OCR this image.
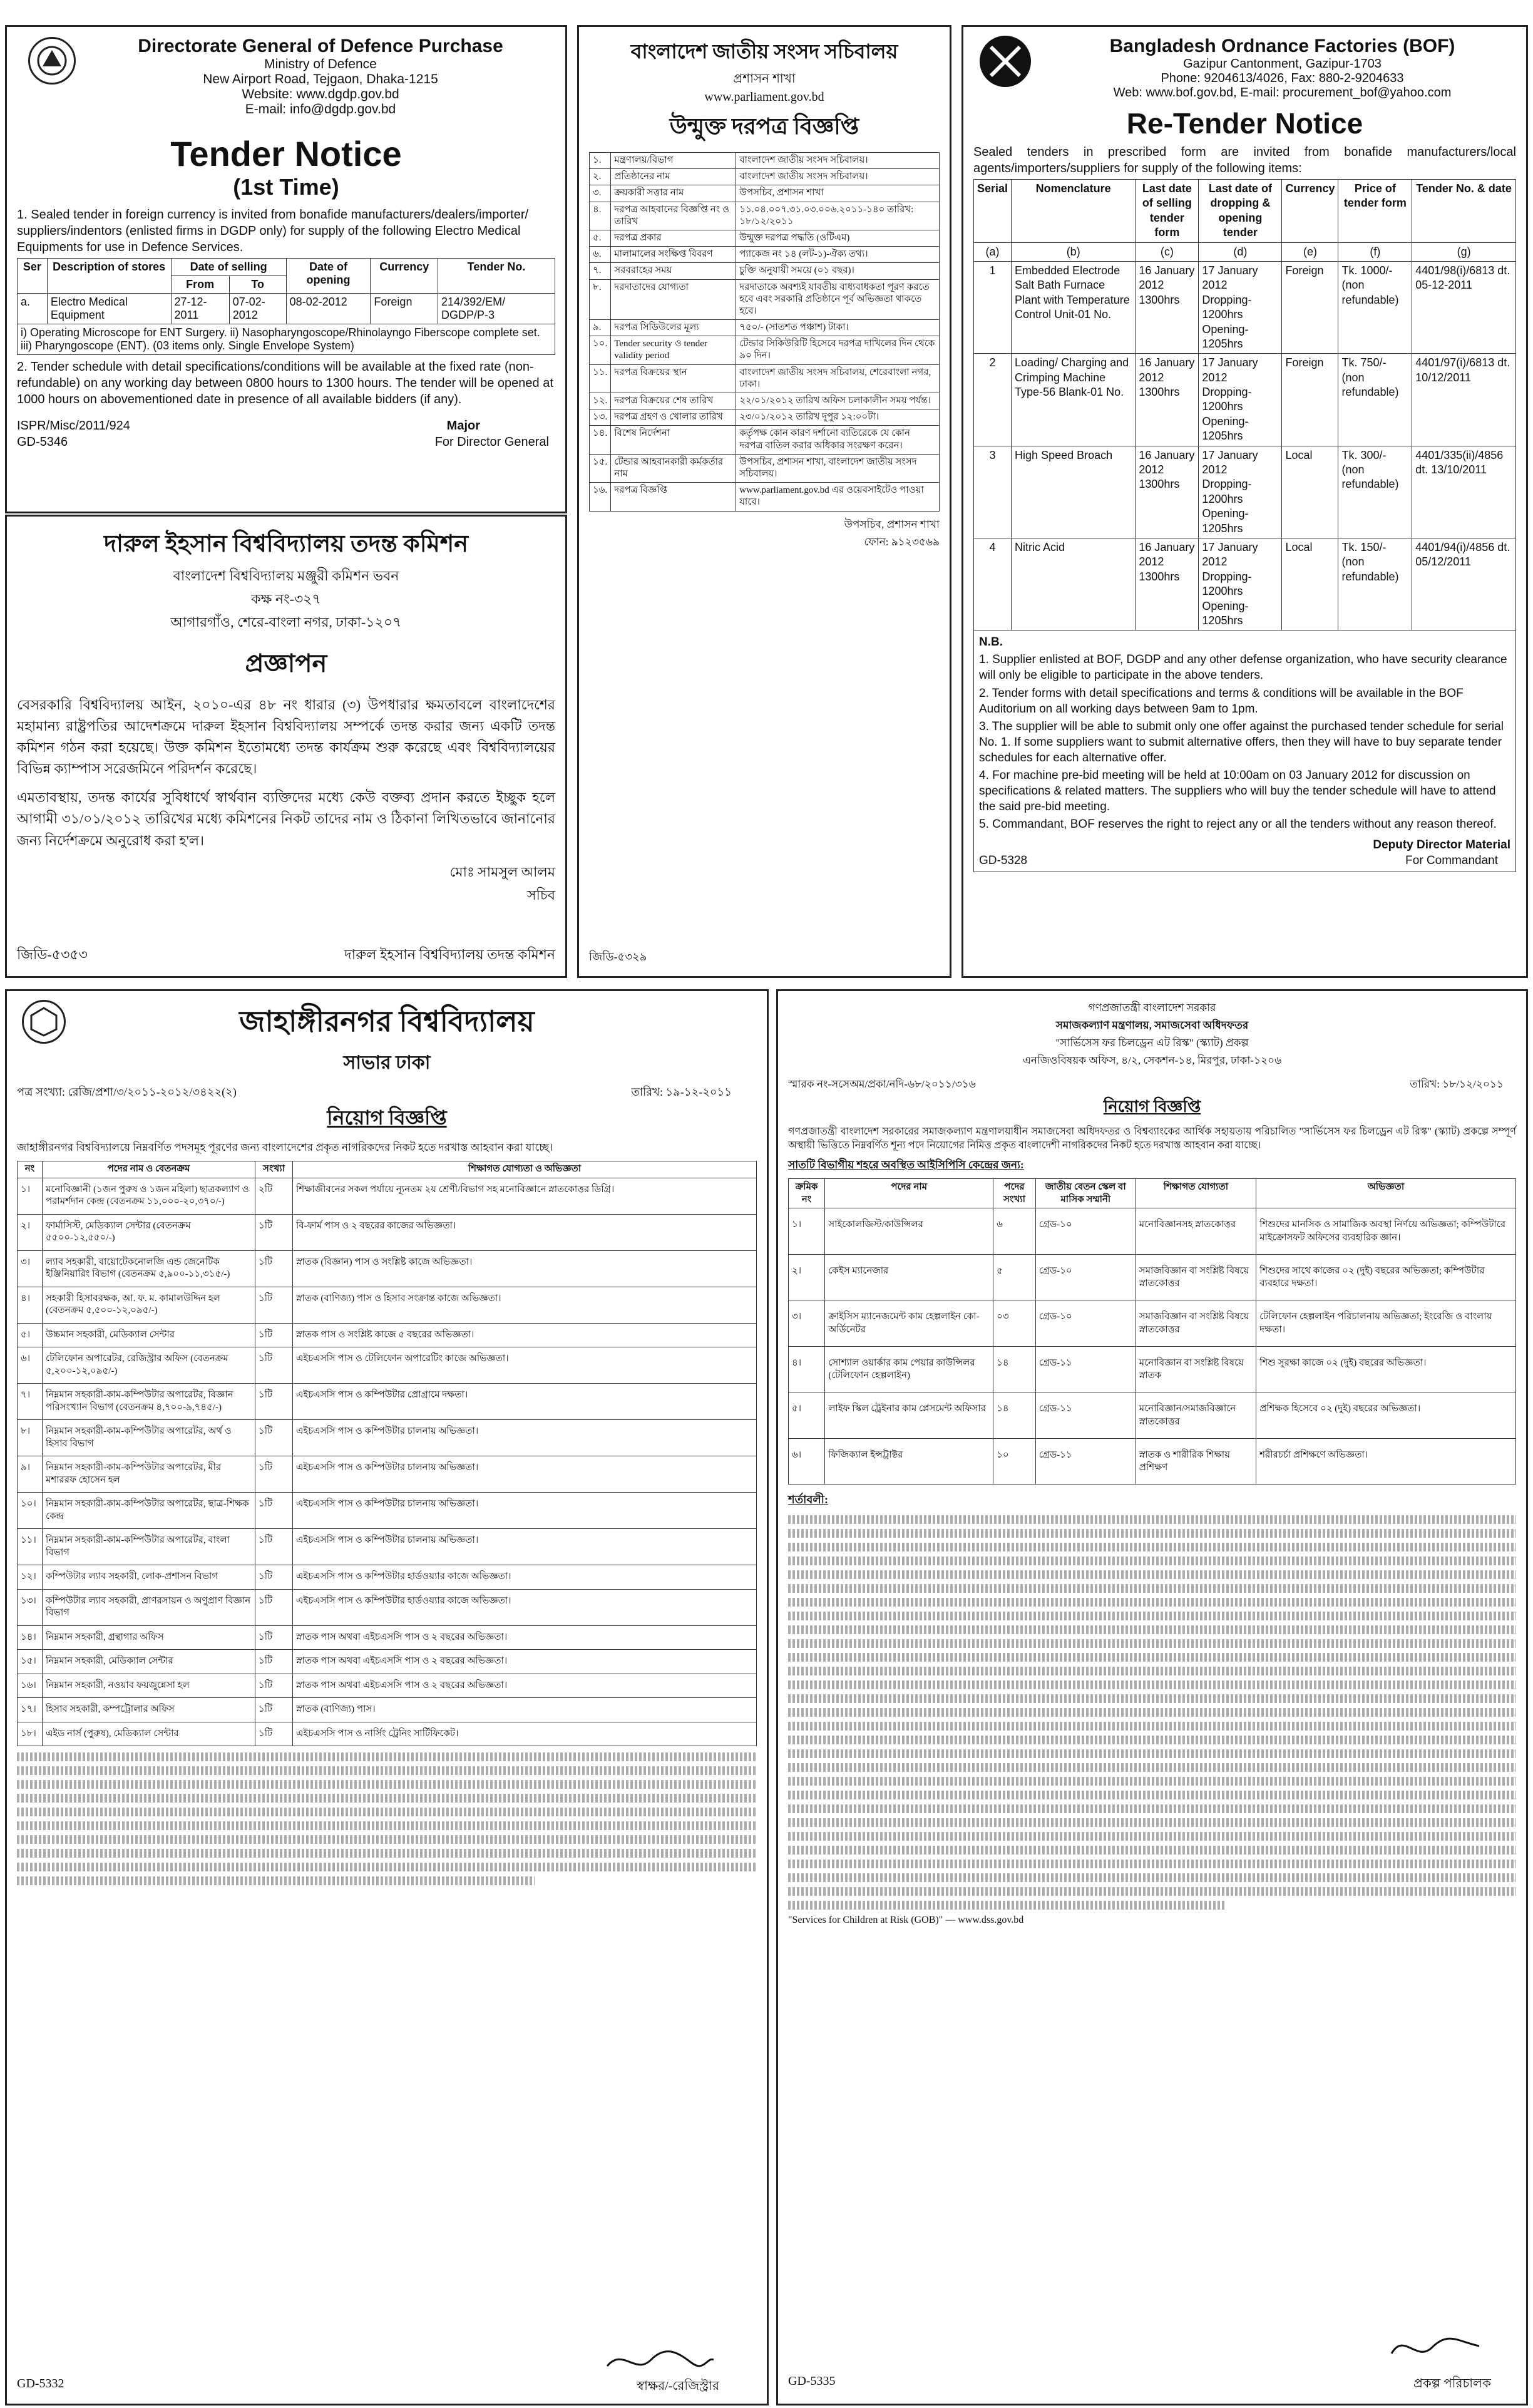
Directorate General of Defence Purchase
Ministry of Defence
New Airport Road, Tejgaon, Dhaka-1215
Website: www.dgdp.gov.bd
E-mail: info@dgdp.gov.bd
Tender Notice
(1st Time)

1. Sealed tender in foreign currency is invited from bonafide manufacturers/dealers/importer/ suppliers/indentors (enlisted firms in DGDP only) for supply of the following Electro Medical Equipments for use in Defence Services.

Ser	Description of stores	Date of selling		Date of opening	Currency	Tender No.
		From	To			
a.	Electro Medical Equipment	27-12-2011	07-02-2012	08-02-2012	Foreign	214/392/EM/ DGDP/P-3
i) Operating Microscope for ENT Surgery. ii) Nasopharyngoscope/Rhinolayngo Fiberscope complete set. iii) Pharyngoscope (ENT). (03 items only. Single Envelope System)						

2. Tender schedule with detail specifications/conditions will be available at the fixed rate (non-refundable) on any working day between 0800 hours to 1300 hours. The tender will be opened at 1000 hours on abovementioned date in presence of all available bidders (if any).

ISPR/Misc/2011/924	Major
GD-5346	For Director General
দারুল ইহসান বিশ্ববিদ্যালয় তদন্ত কমিশন
বাংলাদেশ বিশ্ববিদ্যালয় মঞ্জুরী কমিশন ভবন
কক্ষ নং-৩২৭
আগারগাঁও, শেরে-বাংলা নগর, ঢাকা-১২০৭
প্রজ্ঞাপন

বেসরকারি বিশ্ববিদ্যালয় আইন, ২০১০-এর ৪৮ নং ধারার (৩) উপধারার ক্ষমতাবলে বাংলাদেশের মহামান্য রাষ্ট্রপতির আদেশক্রমে দারুল ইহসান বিশ্ববিদ্যালয় সম্পর্কে তদন্ত করার জন্য একটি তদন্ত কমিশন গঠন করা হয়েছে। উক্ত কমিশন ইতোমধ্যে তদন্ত কার্যক্রম শুরু করেছে এবং বিশ্ববিদ্যালয়ের বিভিন্ন ক্যাম্পাস সরেজমিনে পরিদর্শন করেছে।

এমতাবস্থায়, তদন্ত কার্যের সুবিধার্থে স্বার্থবান ব্যক্তিদের মধ্যে কেউ বক্তব্য প্রদান করতে ইচ্ছুক হলে আগামী ৩১/০১/২০১২ তারিখের মধ্যে কমিশনের নিকট তাদের নাম ও ঠিকানা লিখিতভাবে জানানোর জন্য নির্দেশক্রমে অনুরোধ করা হ'ল।

মোঃ সামসুল আলম
সচিব
জিডি-৫৩৫৩	দারুল ইহসান বিশ্ববিদ্যালয় তদন্ত কমিশন
বাংলাদেশ জাতীয় সংসদ সচিবালয়
প্রশাসন শাখা
www.parliament.gov.bd
উন্মুক্ত দরপত্র বিজ্ঞপ্তি
১.	মন্ত্রণালয়/বিভাগ	বাংলাদেশ জাতীয় সংসদ সচিবালয়।
২.	প্রতিষ্ঠানের নাম	বাংলাদেশ জাতীয় সংসদ সচিবালয়।
৩.	ক্রয়কারী সত্তার নাম	উপসচিব, প্রশাসন শাখা
৪.	দরপত্র আহবানের বিজ্ঞপ্তি নং ও তারিখ	১১.০৪.০০৭.৩১.০৩.০০৬.২০১১-১৪০ তারিখ: ১৮/১২/২০১১
৫.	দরপত্র প্রকার	উন্মুক্ত দরপত্র পদ্ধতি (ওটিএম)
৬.	মালামালের সংক্ষিপ্ত বিবরণ	প্যাকেজ নং ১৪ (লট-১)-ঐক্য তথ্য।
৭.	সরবরাহের সময়	চুক্তি অনুযায়ী সময়ে (০১ বছর)।
৮.	দরদাতাদের যোগ্যতা	দরদাতাকে অবশ্যই যাবতীয় বাধ্যবাধকতা পূরণ করতে হবে এবং সরকারি প্রতিষ্ঠানে পূর্ব অভিজ্ঞতা থাকতে হবে।
৯.	দরপত্র সিডিউলের মূল্য	৭৫০/- (সাতশত পঞ্চাশ) টাকা।
১০.	Tender security ও tender validity period	টেন্ডার সিকিউরিটি হিসেবে দরপত্র দাখিলের দিন থেকে ৯০ দিন।
১১.	দরপত্র বিক্রয়ের স্থান	বাংলাদেশ জাতীয় সংসদ সচিবালয়, শেরেবাংলা নগর, ঢাকা।
১২.	দরপত্র বিক্রয়ের শেষ তারিখ	২২/০১/২০১২ তারিখ অফিস চলাকালীন সময় পর্যন্ত।
১৩.	দরপত্র গ্রহণ ও খোলার তারিখ	২৩/০১/২০১২ তারিখ দুপুর ১২:০০টা।
১৪.	বিশেষ নির্দেশনা	কর্তৃপক্ষ কোন কারণ দর্শানো ব্যতিরেকে যে কোন দরপত্র বাতিল করার অধিকার সংরক্ষণ করেন।
১৫.	টেন্ডার আহবানকারী কর্মকর্তার নাম	উপসচিব, প্রশাসন শাখা, বাংলাদেশ জাতীয় সংসদ সচিবালয়।
১৬.	দরপত্র বিজ্ঞপ্তি	www.parliament.gov.bd এর ওয়েবসাইটেও পাওয়া যাবে।
উপসচিব, প্রশাসন শাখা
ফোন: ৯১২৩৫৬৯
জিডি-৫৩২৯
Bangladesh Ordnance Factories (BOF)
Gazipur Cantonment, Gazipur-1703
Phone: 9204613/4026, Fax: 880-2-9204633
Web: www.bof.gov.bd, E-mail: procurement_bof@yahoo.com
Re-Tender Notice

Sealed tenders in prescribed form are invited from bonafide manufacturers/local agents/importers/suppliers for supply of the following items:

Serial	Nomenclature	Last date of selling tender form	Last date of dropping & opening tender	Currency	Price of tender form	Tender No. & date
(a)	(b)	(c)	(d)	(e)	(f)	(g)
1	Embedded Electrode Salt Bath Furnace Plant with Temperature Control Unit-01 No.	16 January 2012 1300hrs	17 January 2012 Dropping-1200hrs Opening-1205hrs	Foreign	Tk. 1000/- (non refundable)	4401/98(i)/6813 dt. 05-12-2011
2	Loading/ Charging and Crimping Machine Type-56 Blank-01 No.	16 January 2012 1300hrs	17 January 2012 Dropping-1200hrs Opening-1205hrs	Foreign	Tk. 750/- (non refundable)	4401/97(i)/6813 dt. 10/12/2011
3	High Speed Broach	16 January 2012 1300hrs	17 January 2012 Dropping-1200hrs Opening-1205hrs	Local	Tk. 300/- (non refundable)	4401/335(ii)/4856 dt. 13/10/2011
4	Nitric Acid	16 January 2012 1300hrs	17 January 2012 Dropping-1200hrs Opening-1205hrs	Local	Tk. 150/- (non refundable)	4401/94(i)/4856 dt. 05/12/2011
N.B.
1. Supplier enlisted at BOF, DGDP and any other defense organization, who have security clearance will only be eligible to participate in the above tenders.
2. Tender forms with detail specifications and terms & conditions will be available in the BOF Auditorium on all working days between 9am to 1pm.
3. The supplier will be able to submit only one offer against the purchased tender schedule for serial No. 1. If some suppliers want to submit alternative offers, then they will have to buy separate tender schedules for each alternative offer.
4. For machine pre-bid meeting will be held at 10:00am on 03 January 2012 for discussion on specifications & related matters. The suppliers who will buy the tender schedule will have to attend the said pre-bid meeting.
5. Commandant, BOF reserves the right to reject any or all the tenders without any reason thereof.
Deputy Director Material
GD-5328	For Commandant
জাহাঙ্গীরনগর বিশ্ববিদ্যালয়
সাভার ঢাকা
পত্র সংখ্যা: রেজি/প্রশা/৩/২০১১-২০১২/৩৪২২(২)	তারিখ: ১৯-১২-২০১১
নিয়োগ বিজ্ঞপ্তি

জাহাঙ্গীরনগর বিশ্ববিদ্যালয়ে নিম্নবর্ণিত পদসমূহ পূরণের জন্য বাংলাদেশের প্রকৃত নাগরিকদের নিকট হতে দরখাস্ত আহবান করা যাচ্ছে।

নং	পদের নাম ও বেতনক্রম	সংখ্যা	শিক্ষাগত যোগ্যতা ও অভিজ্ঞতা
১।	মনোবিজ্ঞানী (১জন পুরুষ ও ১জন মহিলা) ছাত্রকল্যাণ ও পরামর্শদান কেন্দ্র (বেতনক্রম ১১,০০০-২০,৩৭০/-)	২টি	শিক্ষাজীবনের সকল পর্যায়ে ন্যূনতম ২য় শ্রেণী/বিভাগ সহ মনোবিজ্ঞানে স্নাতকোত্তর ডিগ্রি।
২।	ফার্মাসিস্ট, মেডিক্যাল সেন্টার (বেতনক্রম ৫৫০০-১২,৫৫০/-)	১টি	বি-ফার্ম পাস ও ২ বছরের কাজের অভিজ্ঞতা।
৩।	ল্যাব সহকারী, বায়োটেকনোলজি এন্ড জেনেটিক ইঞ্জিনিয়ারিং বিভাগ (বেতনক্রম ৫,৯০০-১১,৩১৫/-)	১টি	স্নাতক (বিজ্ঞান) পাস ও সংশ্লিষ্ট কাজে অভিজ্ঞতা।
৪।	সহকারী হিসাবরক্ষক, আ. ফ. ম. কামালউদ্দিন হল (বেতনক্রম ৫,৫০০-১২,০৯৫/-)	১টি	স্নাতক (বাণিজ্য) পাস ও হিসাব সংক্রান্ত কাজে অভিজ্ঞতা।
৫।	উচ্চমান সহকারী, মেডিক্যাল সেন্টার	১টি	স্নাতক পাস ও সংশ্লিষ্ট কাজে ৫ বছরের অভিজ্ঞতা।
৬।	টেলিফোন অপারেটর, রেজিস্ট্রার অফিস (বেতনক্রম ৫,২০০-১২,০৯৫/-)	১টি	এইচএসসি পাস ও টেলিফোন অপারেটিং কাজে অভিজ্ঞতা।
৭।	নিম্নমান সহকারী-কাম-কম্পিউটার অপারেটর, বিজ্ঞান পরিসংখ্যান বিভাগ (বেতনক্রম ৪,৭০০-৯,৭৪৫/-)	১টি	এইচএসসি পাস ও কম্পিউটার প্রোগ্রামে দক্ষতা।
৮।	নিম্নমান সহকারী-কাম-কম্পিউটার অপারেটর, অর্থ ও হিসাব বিভাগ	১টি	এইচএসসি পাস ও কম্পিউটার চালনায় অভিজ্ঞতা।
৯।	নিম্নমান সহকারী-কাম-কম্পিউটার অপারেটর, মীর মশাররফ হোসেন হল	১টি	এইচএসসি পাস ও কম্পিউটার চালনায় অভিজ্ঞতা।
১০।	নিম্নমান সহকারী-কাম-কম্পিউটার অপারেটর, ছাত্র-শিক্ষক কেন্দ্র	১টি	এইচএসসি পাস ও কম্পিউটার চালনায় অভিজ্ঞতা।
১১।	নিম্নমান সহকারী-কাম-কম্পিউটার অপারেটর, বাংলা বিভাগ	১টি	এইচএসসি পাস ও কম্পিউটার চালনায় অভিজ্ঞতা।
১২।	কম্পিউটার ল্যাব সহকারী, লোক-প্রশাসন বিভাগ	১টি	এইচএসসি পাস ও কম্পিউটার হার্ডওয়্যার কাজে অভিজ্ঞতা।
১৩।	কম্পিউটার ল্যাব সহকারী, প্রাণরসায়ন ও অণুপ্রাণ বিজ্ঞান বিভাগ	১টি	এইচএসসি পাস ও কম্পিউটার হার্ডওয়্যার কাজে অভিজ্ঞতা।
১৪।	নিম্নমান সহকারী, গ্রন্থাগার অফিস	১টি	স্নাতক পাস অথবা এইচএসসি পাস ও ২ বছরের অভিজ্ঞতা।
১৫।	নিম্নমান সহকারী, মেডিক্যাল সেন্টার	১টি	স্নাতক পাস অথবা এইচএসসি পাস ও ২ বছরের অভিজ্ঞতা।
১৬।	নিম্নমান সহকারী, নওয়াব ফয়জুন্নেসা হল	১টি	স্নাতক পাস অথবা এইচএসসি পাস ও ২ বছরের অভিজ্ঞতা।
১৭।	হিসাব সহকারী, কম্পট্রোলার অফিস	১টি	স্নাতক (বাণিজ্য) পাস।
১৮।	এইড নার্স (পুরুষ), মেডিক্যাল সেন্টার	১টি	এইচএসসি পাস ও নার্সিং ট্রেনিং সার্টিফিকেট।
GD-5332	স্বাক্ষর/-রেজিস্ট্রার
গণপ্রজাতন্ত্রী বাংলাদেশ সরকার
সমাজকল্যাণ মন্ত্রণালয়, সমাজসেবা অধিদফতর
"সার্ভিসেস ফর চিলড্রেন এট রিস্ক" (স্ক্যাট) প্রকল্প
এনজিওবিষয়ক অফিস, ৪/২, সেকশন-১৪, মিরপুর, ঢাকা-১২০৬
স্মারক নং-সসেঅম/প্রকা/নদি-৬৮/২০১১/৩১৬	তারিখ: ১৮/১২/২০১১
নিয়োগ বিজ্ঞপ্তি

গণপ্রজাতন্ত্রী বাংলাদেশ সরকারের সমাজকল্যাণ মন্ত্রণালয়াধীন সমাজসেবা অধিদফতর ও বিশ্বব্যাংকের আর্থিক সহায়তায় পরিচালিত "সার্ভিসেস ফর চিলড্রেন এট রিস্ক" (স্ক্যাট) প্রকল্পে সম্পূর্ণ অস্থায়ী ভিত্তিতে নিম্নবর্ণিত শূন্য পদে নিয়োগের নিমিত্ত প্রকৃত বাংলাদেশী নাগরিকদের নিকট হতে দরখাস্ত আহবান করা যাচ্ছে।

সাতটি বিভাগীয় শহরে অবস্থিত আইসিপিসি কেন্দ্রের জন্য:
ক্রমিক নং	পদের নাম	পদের সংখ্যা	জাতীয় বেতন স্কেল বা মাসিক সম্মানী	শিক্ষাগত যোগ্যতা	অভিজ্ঞতা
১।	সাইকোলজিস্ট/কাউন্সিলর	৬	গ্রেড-১০	মনোবিজ্ঞানসহ স্নাতকোত্তর	শিশুদের মানসিক ও সামাজিক অবস্থা নির্ণয়ে অভিজ্ঞতা; কম্পিউটারে মাইক্রোসফট অফিসের ব্যবহারিক জ্ঞান।
২।	কেইস ম্যানেজার	৫	গ্রেড-১০	সমাজবিজ্ঞান বা সংশ্লিষ্ট বিষয়ে স্নাতকোত্তর	শিশুদের সাথে কাজের ০২ (দুই) বছরের অভিজ্ঞতা; কম্পিউটার ব্যবহারে দক্ষতা।
৩।	ক্রাইসিস ম্যানেজমেন্ট কাম হেল্পলাইন কো-অর্ডিনেটর	০৩	গ্রেড-১০	সমাজবিজ্ঞান বা সংশ্লিষ্ট বিষয়ে স্নাতকোত্তর	টেলিফোন হেল্পলাইন পরিচালনায় অভিজ্ঞতা; ইংরেজি ও বাংলায় দক্ষতা।
৪।	সোশ্যাল ওয়ার্কার কাম পেয়ার কাউন্সিলর (টেলিফোন হেল্পলাইন)	১৪	গ্রেড-১১	মনোবিজ্ঞান বা সংশ্লিষ্ট বিষয়ে স্নাতক	শিশু সুরক্ষা কাজে ০২ (দুই) বছরের অভিজ্ঞতা।
৫।	লাইফ স্কিল ট্রেইনার কাম প্লেসমেন্ট অফিসার	১৪	গ্রেড-১১	মনোবিজ্ঞান/সমাজবিজ্ঞানে স্নাতকোত্তর	প্রশিক্ষক হিসেবে ০২ (দুই) বছরের অভিজ্ঞতা।
৬।	ফিজিক্যাল ইন্সট্রাক্টর	১০	গ্রেড-১১	স্নাতক ও শারীরিক শিক্ষায় প্রশিক্ষণ	শরীরচর্চা প্রশিক্ষণে অভিজ্ঞতা।
শর্তাবলী:
"Services for Children at Risk (GOB)" — www.dss.gov.bd
GD-5335	প্রকল্প পরিচালক
